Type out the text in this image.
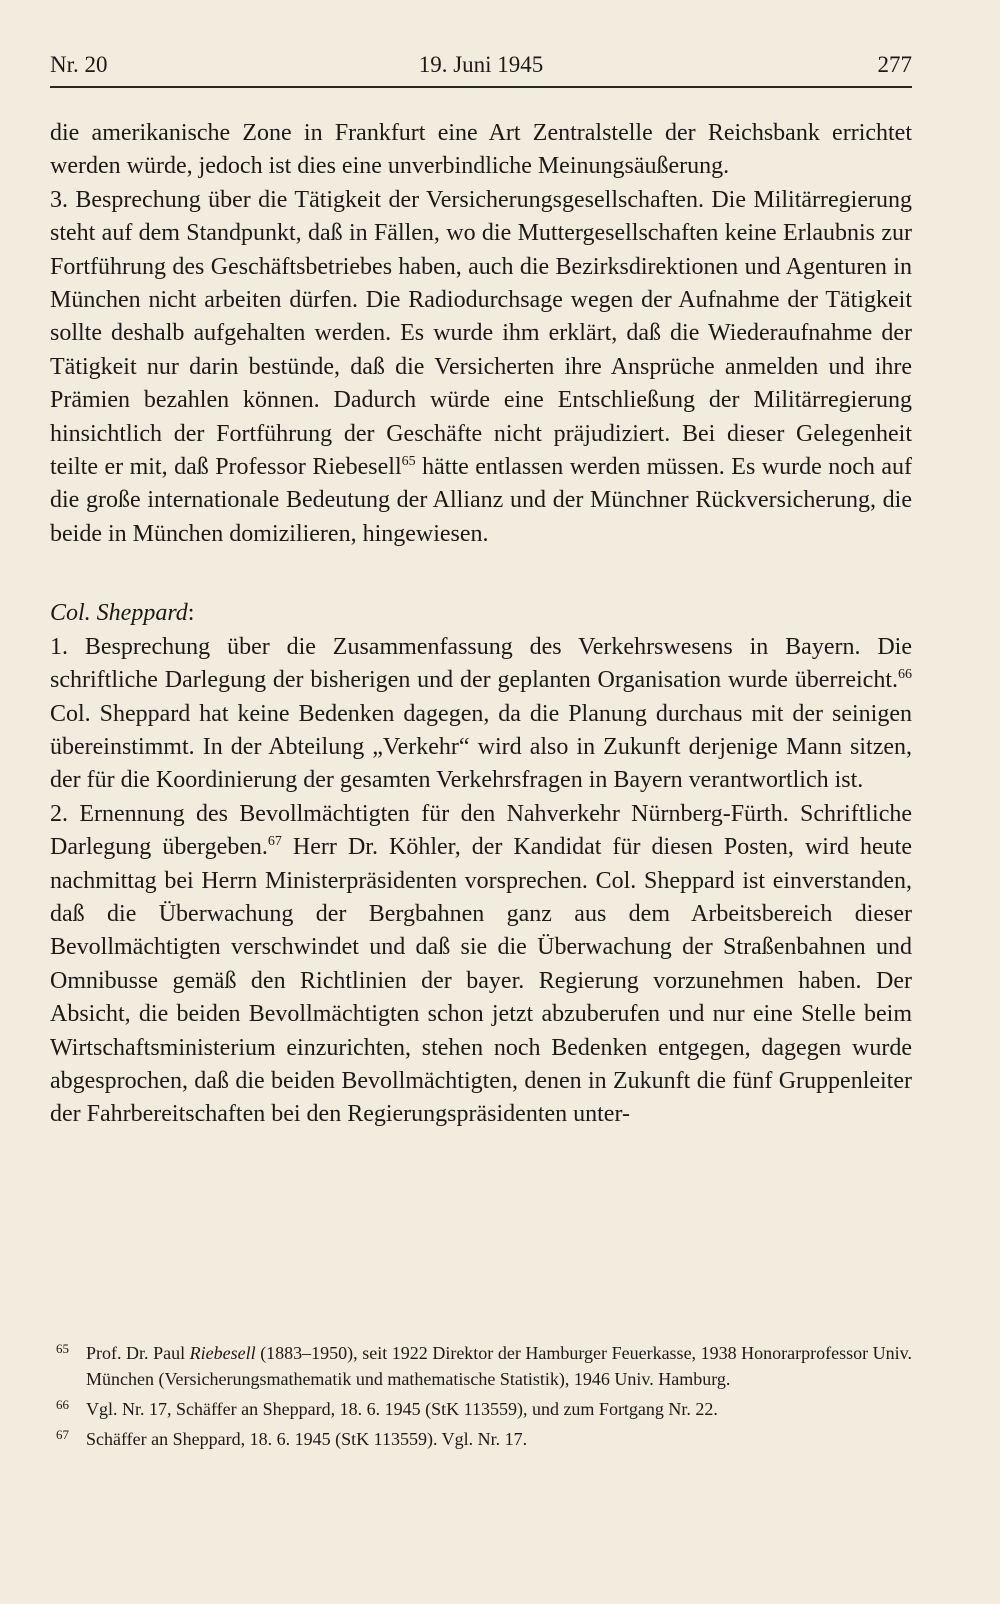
Nr. 20	19. Juni 1945	277

die amerikanische Zone in Frankfurt eine Art Zentralstelle der Reichsbank errichtet werden würde, jedoch ist dies eine unverbindliche Meinungsäußerung.

3. Besprechung über die Tätigkeit der Versicherungsgesellschaften. Die Militärregierung steht auf dem Standpunkt, daß in Fällen, wo die Muttergesellschaften keine Erlaubnis zur Fortführung des Geschäftsbetriebes haben, auch die Bezirksdirektionen und Agenturen in München nicht arbeiten dürfen. Die Radiodurchsage wegen der Aufnahme der Tätigkeit sollte deshalb aufgehalten werden. Es wurde ihm erklärt, daß die Wiederaufnahme der Tätigkeit nur darin bestünde, daß die Versicherten ihre Ansprüche anmelden und ihre Prämien bezahlen können. Dadurch würde eine Entschließung der Militärregierung hinsichtlich der Fortführung der Geschäfte nicht präjudiziert. Bei dieser Gelegenheit teilte er mit, daß Professor Riebesell$^{65}$ hätte entlassen werden müssen. Es wurde noch auf die große internationale Bedeutung der Allianz und der Münchner Rückversicherung, die beide in München domizilieren, hingewiesen.

Col. Sheppard:

1. Besprechung über die Zusammenfassung des Verkehrswesens in Bayern. Die schriftliche Darlegung der bisherigen und der geplanten Organisation wurde überreicht.$^{66}$ Col. Sheppard hat keine Bedenken dagegen, da die Planung durchaus mit der seinigen übereinstimmt. In der Abteilung „Verkehr“ wird also in Zukunft derjenige Mann sitzen, der für die Koordinierung der gesamten Verkehrsfragen in Bayern verantwortlich ist.

2. Ernennung des Bevollmächtigten für den Nahverkehr Nürnberg-Fürth. Schriftliche Darlegung übergeben.$^{67}$ Herr Dr. Köhler, der Kandidat für diesen Posten, wird heute nachmittag bei Herrn Ministerpräsidenten vorsprechen. Col. Sheppard ist einverstanden, daß die Überwachung der Bergbahnen ganz aus dem Arbeitsbereich dieser Bevollmächtigten verschwindet und daß sie die Überwachung der Straßenbahnen und Omnibusse gemäß den Richtlinien der bayer. Regierung vorzunehmen haben. Der Absicht, die beiden Bevollmächtigten schon jetzt abzuberufen und nur eine Stelle beim Wirtschaftsministerium einzurichten, stehen noch Bedenken entgegen, dagegen wurde abgesprochen, daß die beiden Bevollmächtigten, denen in Zukunft die fünf Gruppenleiter der Fahrbereitschaften bei den Regierungspräsidenten unter-

65 Prof. Dr. Paul Riebesell (1883–1950), seit 1922 Direktor der Hamburger Feuerkasse, 1938 Honorarprofessor Univ. München (Versicherungsmathematik und mathematische Statistik), 1946 Univ. Hamburg.
66 Vgl. Nr. 17, Schäffer an Sheppard, 18. 6. 1945 (StK 113559), und zum Fortgang Nr. 22.
67 Schäffer an Sheppard, 18. 6. 1945 (StK 113559). Vgl. Nr. 17.
